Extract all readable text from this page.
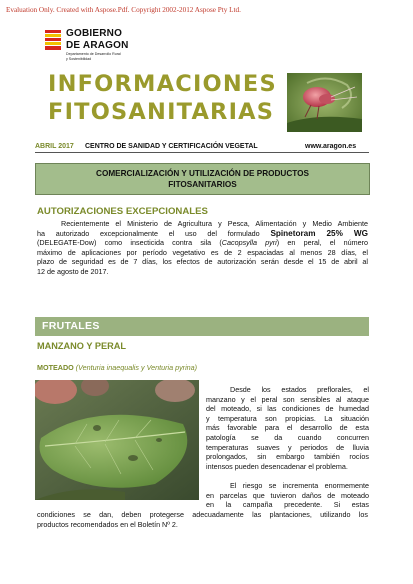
Evaluation Only. Created with Aspose.Pdf. Copyright 2002-2012 Aspose Pty Ltd.
GOBIERNO
DE ARAGON
Departamento de Desarrollo Rural
y Sostenibilidad
INFORMACIONES
FITOSANITARIAS
ABRIL 2017 CENTRO DE SANIDAD Y CERTIFICACIÓN VEGETAL	www.aragon.es
COMERCIALIZACIÓN Y UTILIZACIÓN DE PRODUCTOS
FITOSANITARIOS
AUTORIZACIONES EXCEPCIONALES
Recientemente el Ministerio de Agricultura y Pesca, Alimentación y Medio Ambiente
ha autorizado excepcionalmente el uso del formulado Spinetoram 25% WG
(DELEGATE-Dow) como insecticida contra sila (Cacopsylla pyri) en peral, el número
máximo de aplicaciones por período vegetativo es de 2 espaciadas al menos 28 días, el
plazo de seguridad es de 7 días, los efectos de autorización serán desde el 15 de abril al
12 de agosto de 2017.
FRUTALES
MANZANO Y PERAL
MOTEADO (Venturia inaequalis y Venturia pyrina)
Desde los estados preflorales, el
manzano y el peral son sensibles al ataque
del moteado, si las condiciones de humedad
y temperatura son propicias. La situación
más favorable para el desarrollo de esta
patología se da cuando concurren
temperaturas suaves y periodos de lluvia
prolongados, sin embargo también rocíos
intensos pueden desencadenar el problema.
El riesgo se incrementa enormemente
en parcelas que tuvieron daños de moteado
en la campaña precedente. Si estas
condiciones se dan, deben protegerse adecuadamente las plantaciones, utilizando los
productos recomendados en el Boletín Nº 2.
